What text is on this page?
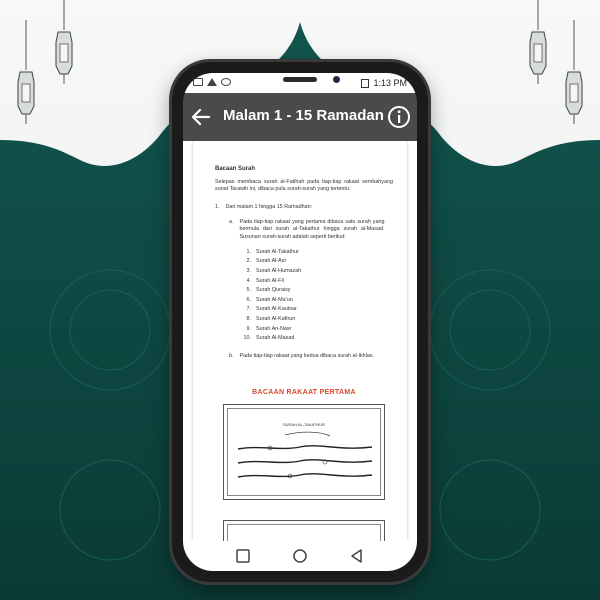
1:13 PM
Malam 1 - 15 Ramadan
Bacaan Surah

Selepas membaca surah al-Fatihah pada tiap-tiap rakaat sembahyang sunat Tarawih ini, dibaca pula surah-surah yang tertentu:

1. Dari malam 1 hingga 15 Ramadhan:
a. Pada tiap-tiap rakaat yang pertama dibaca satu surah yang bermula dari surah al-Takathur hingga surah al-Masad. Susunan surah-surah adalah seperti berikut:

1. Surah Al-Takathur
2. Surah Al-Asr
3. Surah Al-Humazah
4. Surah Al-Fil
5. Surah Quraisy
6. Surah Al-Ma'un
7. Surah Al-Kautsar
8. Surah Al-Kafirun
9. Surah An-Nasr
10. Surah Al-Masad
b. Pada tiap-tiap rakaat yang kedua dibaca surah al-Ikhlas.
BACAAN RAKAAT PERTAMA
SURAH AL-TAKATHUR
